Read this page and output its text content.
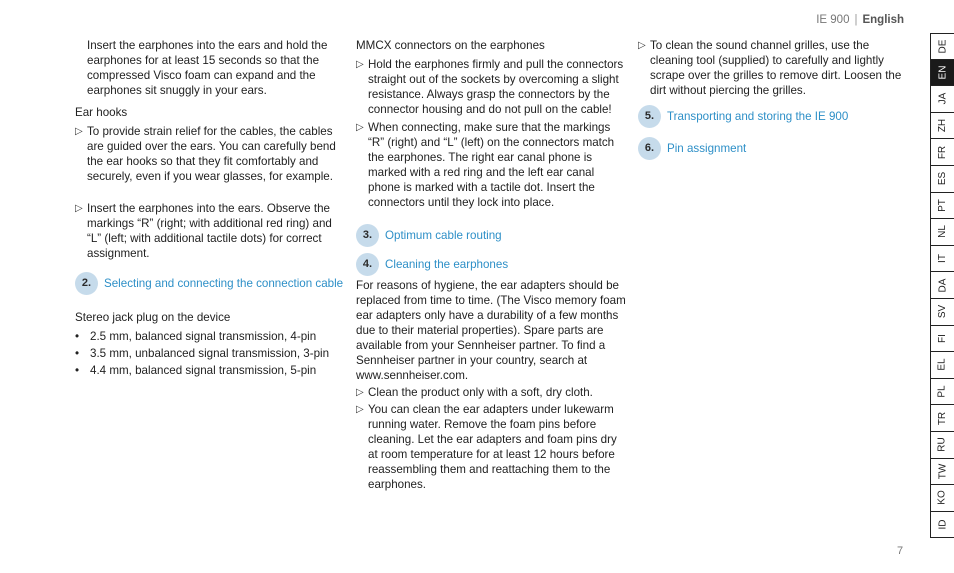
IE 900 | English

Insert the earphones into the ears and hold the earphones for at least 15 seconds so that the compressed Visco foam can expand and the earphones sit snuggly in your ears.

Ear hooks

▷ To provide strain relief for the cables, the cables are guided over the ears. You can carefully bend the ear hooks so that they fit comfortably and securely, even if you wear glasses, for example.

▷ Insert the earphones into the ears. Observe the markings “R” (right; with additional red ring) and “L” (left; with additional tactile dots) for correct assignment.

2.	Selecting and connecting the connection cable

Stereo jack plug on the device

• 2.5 mm, balanced signal transmission, 4-pin

• 3.5 mm, unbalanced signal transmission, 3-pin

• 4.4 mm, balanced signal transmission, 5-pin

MMCX connectors on the earphones

▷ Hold the earphones firmly and pull the connectors straight out of the sockets by overcoming a slight resistance. Always grasp the connectors by the connector housing and do not pull on the cable!

▷ When connecting, make sure that the markings “R” (right) and “L” (left) on the connectors match the earphones. The right ear canal phone is marked with a red ring and the left ear canal phone is marked with a tactile dot. Insert the connectors until they lock into place.

3.	Optimum cable routing
4.	Cleaning the earphones

For reasons of hygiene, the ear adapters should be replaced from time to time. (The Visco memory foam ear adapters only have a durability of a few months due to their material properties). Spare parts are available from your Sennheiser partner. To find a Sennheiser partner in your country, search at www.sennheiser.com.

▷ Clean the product only with a soft, dry cloth.

▷ You can clean the ear adapters under lukewarm running water. Remove the foam pins before cleaning. Let the ear adapters and foam pins dry at room temperature for at least 12 hours before reassembling them and reattaching them to the earphones.

▷ To clean the sound channel grilles, use the cleaning tool (supplied) to carefully and lightly scrape over the grilles to remove dirt. Loosen the dirt without piercing the grilles.

5.	Transporting and storing the IE 900
6.	Pin assignment
DE
EN
JA
ZH
FR
ES
PT
NL
IT
DA
SV
FI
EL
PL
TR
RU
TW
KO
ID
7
